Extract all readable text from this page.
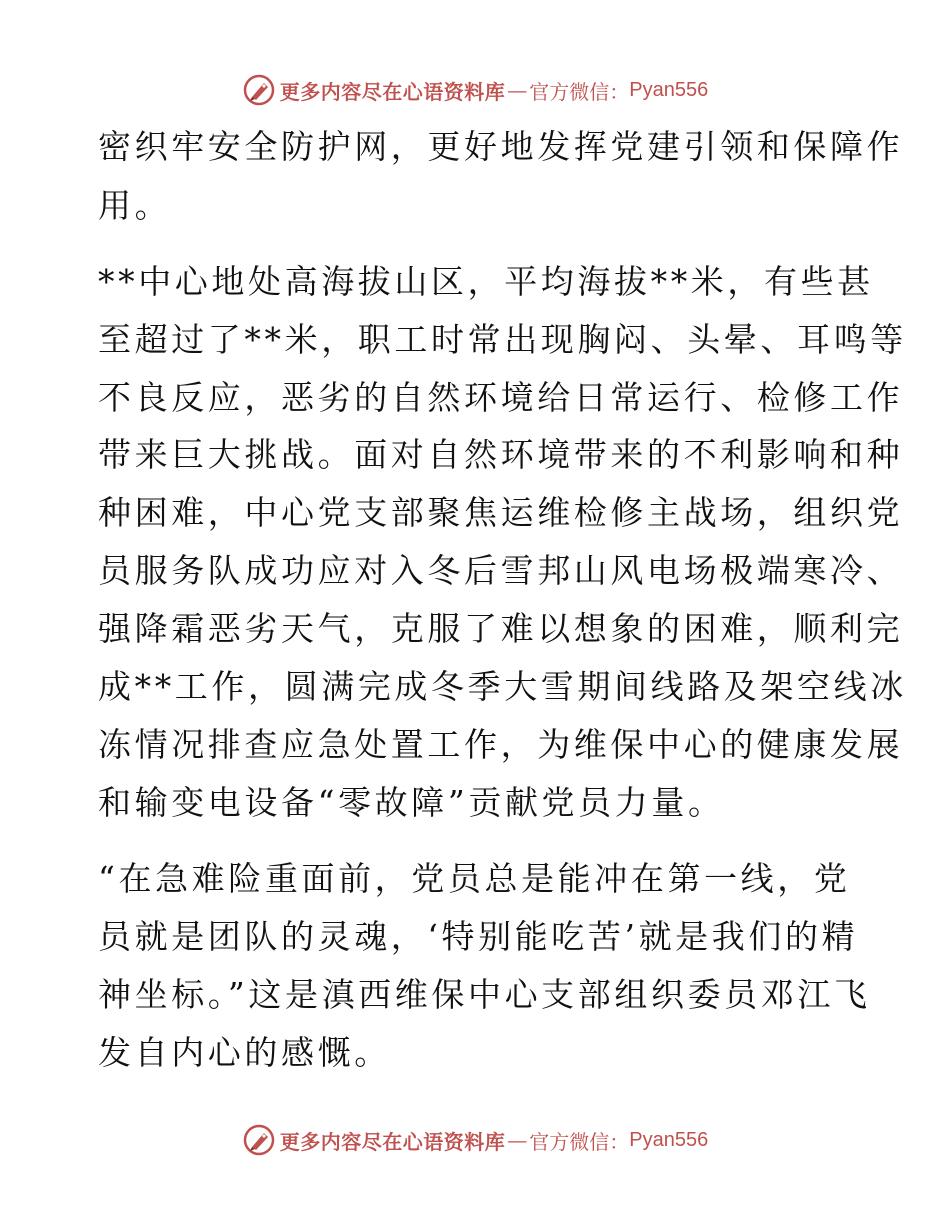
更多内容尽在心语资料库 — 官方微信： Pyan556
密织牢安全防护网，更好地发挥党建引领和保障作
用。
**中心地处高海拔山区，平均海拔**米，有些甚
至超过了**米，职工时常出现胸闷、头晕、耳鸣等
不良反应，恶劣的自然环境给日常运行、检修工作
带来巨大挑战。面对自然环境带来的不利影响和种
种困难，中心党支部聚焦运维检修主战场，组织党
员服务队成功应对入冬后雪邦山风电场极端寒冷、
强降霜恶劣天气，克服了难以想象的困难，顺利完
成**工作，圆满完成冬季大雪期间线路及架空线冰
冻情况排查应急处置工作，为维保中心的健康发展
和输变电设备“零故障”贡献党员力量。
“在急难险重面前，党员总是能冲在第一线，党
员就是团队的灵魂，‘特别能吃苦’就是我们的精
神坐标。”这是滇西维保中心支部组织委员邓江飞
发自内心的感慨。
更多内容尽在心语资料库 — 官方微信： Pyan556
